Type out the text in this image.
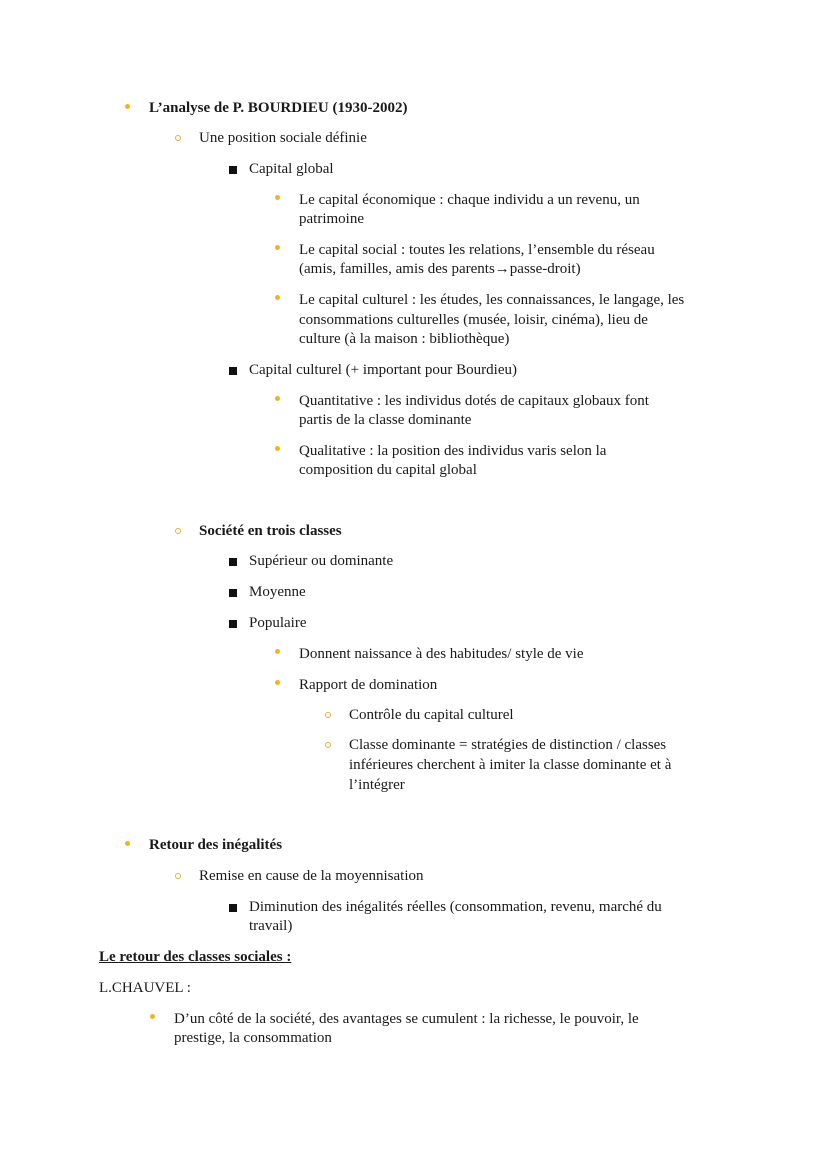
L’analyse de P. BOURDIEU (1930-2002)
Une position sociale définie
Capital global
Le capital économique : chaque individu a un revenu, un
patrimoine
Le capital social : toutes les relations, l’ensemble du réseau
(amis, familles, amis des parents→passe-droit)
Le capital culturel : les études, les connaissances, le langage, les
consommations culturelles (musée, loisir, cinéma), lieu de
culture (à la maison : bibliothèque)
Capital culturel (+ important pour Bourdieu)
Quantitative : les individus dotés de capitaux globaux font
partis de la classe dominante
Qualitative : la position des individus varis selon la
composition du capital global
Société en trois classes
Supérieur ou dominante
Moyenne
Populaire
Donnent naissance à des habitudes/ style de vie
Rapport de domination
Contrôle du capital culturel
Classe dominante = stratégies de distinction / classes
inférieures cherchent à imiter la classe dominante et à
l’intégrer
Retour des inégalités
Remise en cause de la moyennisation
Diminution des inégalités réelles (consommation, revenu, marché du
travail)
Le retour des classes sociales :
L.CHAUVEL :
D’un côté de la société, des avantages se cumulent : la richesse, le pouvoir, le
prestige, la consommation
